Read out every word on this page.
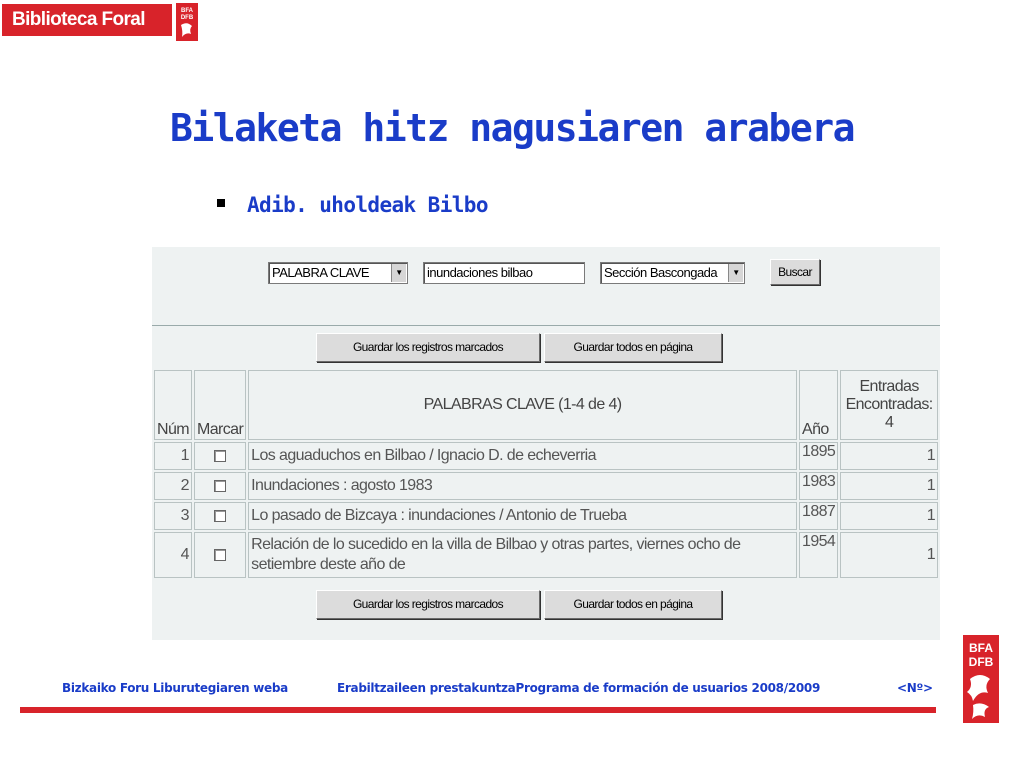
Biblioteca Foral	BFA
DFB
Bilaketa hitz nagusiaren arabera
Adib. uholdeak Bilbo
PALABRA CLAVE	▼	inundaciones bilbao	Sección Bascongada	▼	Buscar
Guardar los registros marcados	Guardar todos en página
Núm	Marcar	PALABRAS CLAVE (1-4 de 4)	Año	Entradas
Encontradas:
4

1		Los aguaduchos en Bilbao / Ignacio D. de echeverria	1895	1
2		Inundaciones : agosto 1983	1983	1
3		Lo pasado de Bizcaya : inundaciones / Antonio de Trueba	1887	1
4		Relación de lo sucedido en la villa de Bilbao y otras partes, viernes ocho de setiembre deste año de	1954	1
Guardar los registros marcados	Guardar todos en página
Bizkaiko Foru Liburutegiaren weba	Erabiltzaileen prestakuntzaPrograma de formación de usuarios 2008/2009	<Nº>
BFA
DFB
